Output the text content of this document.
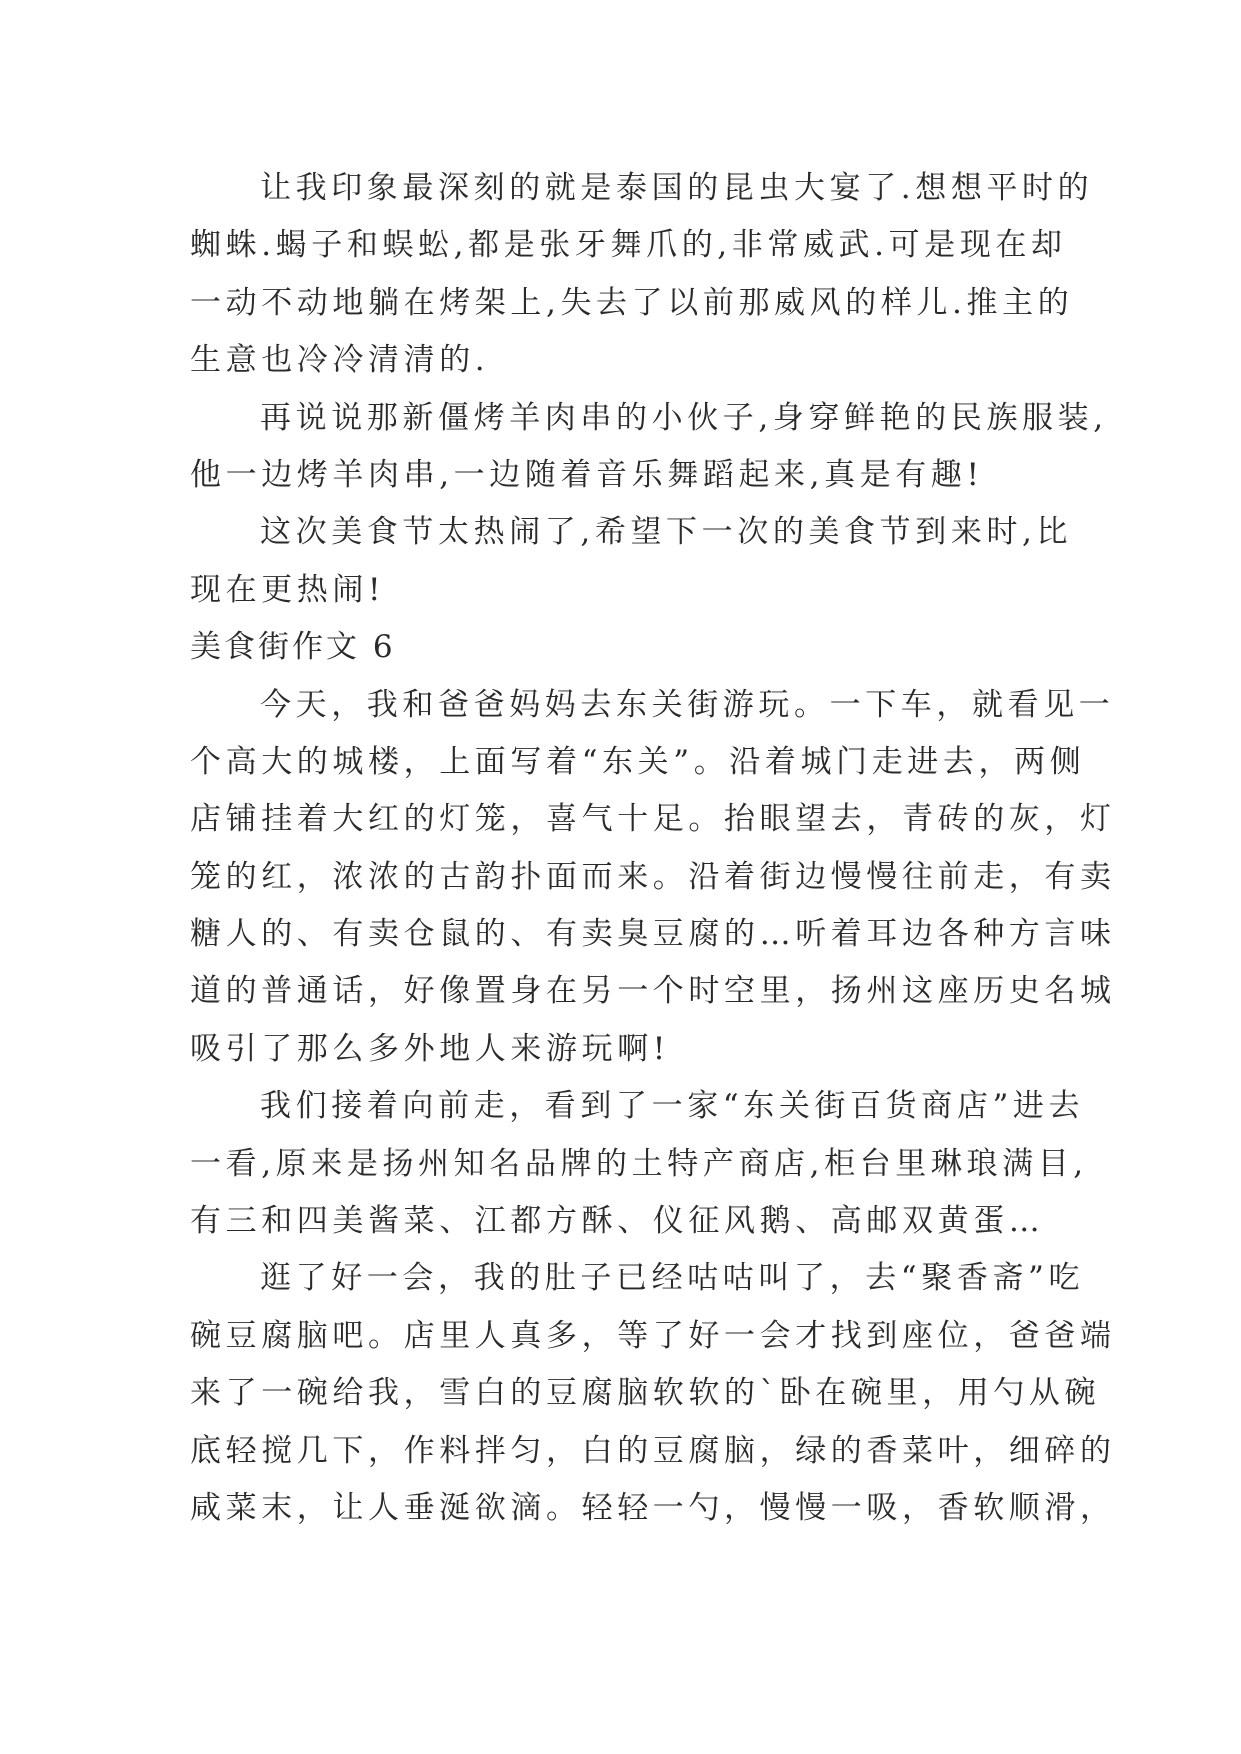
让我印象最深刻的就是泰国的昆虫大宴了.想想平时的
蜘蛛.蝎子和蜈蚣,都是张牙舞爪的,非常威武.可是现在却
一动不动地躺在烤架上,失去了以前那威风的样儿.推主的
生意也冷冷清清的.

再说说那新僵烤羊肉串的小伙子,身穿鲜艳的民族服装,
他一边烤羊肉串,一边随着音乐舞蹈起来,真是有趣!

这次美食节太热闹了,希望下一次的美食节到来时,比
现在更热闹!

美食街作文 6

今天，我和爸爸妈妈去东关街游玩。一下车，就看见一
个高大的城楼，上面写着“东关”。沿着城门走进去，两侧
店铺挂着大红的灯笼，喜气十足。抬眼望去，青砖的灰，灯
笼的红，浓浓的古韵扑面而来。沿着街边慢慢往前走，有卖
糖人的、有卖仓鼠的、有卖臭豆腐的…听着耳边各种方言味
道的普通话，好像置身在另一个时空里，扬州这座历史名城
吸引了那么多外地人来游玩啊!

我们接着向前走，看到了一家“东关街百货商店”进去
一看,原来是扬州知名品牌的土特产商店,柜台里琳琅满目,
有三和四美酱菜、江都方酥、仪征风鹅、高邮双黄蛋…

逛了好一会，我的肚子已经咕咕叫了，去“聚香斋”吃
碗豆腐脑吧。店里人真多，等了好一会才找到座位，爸爸端
来了一碗给我，雪白的豆腐脑软软的`卧在碗里，用勺从碗
底轻搅几下，作料拌匀，白的豆腐脑，绿的香菜叶，细碎的
咸菜末，让人垂涎欲滴。轻轻一勺，慢慢一吸，香软顺滑，
